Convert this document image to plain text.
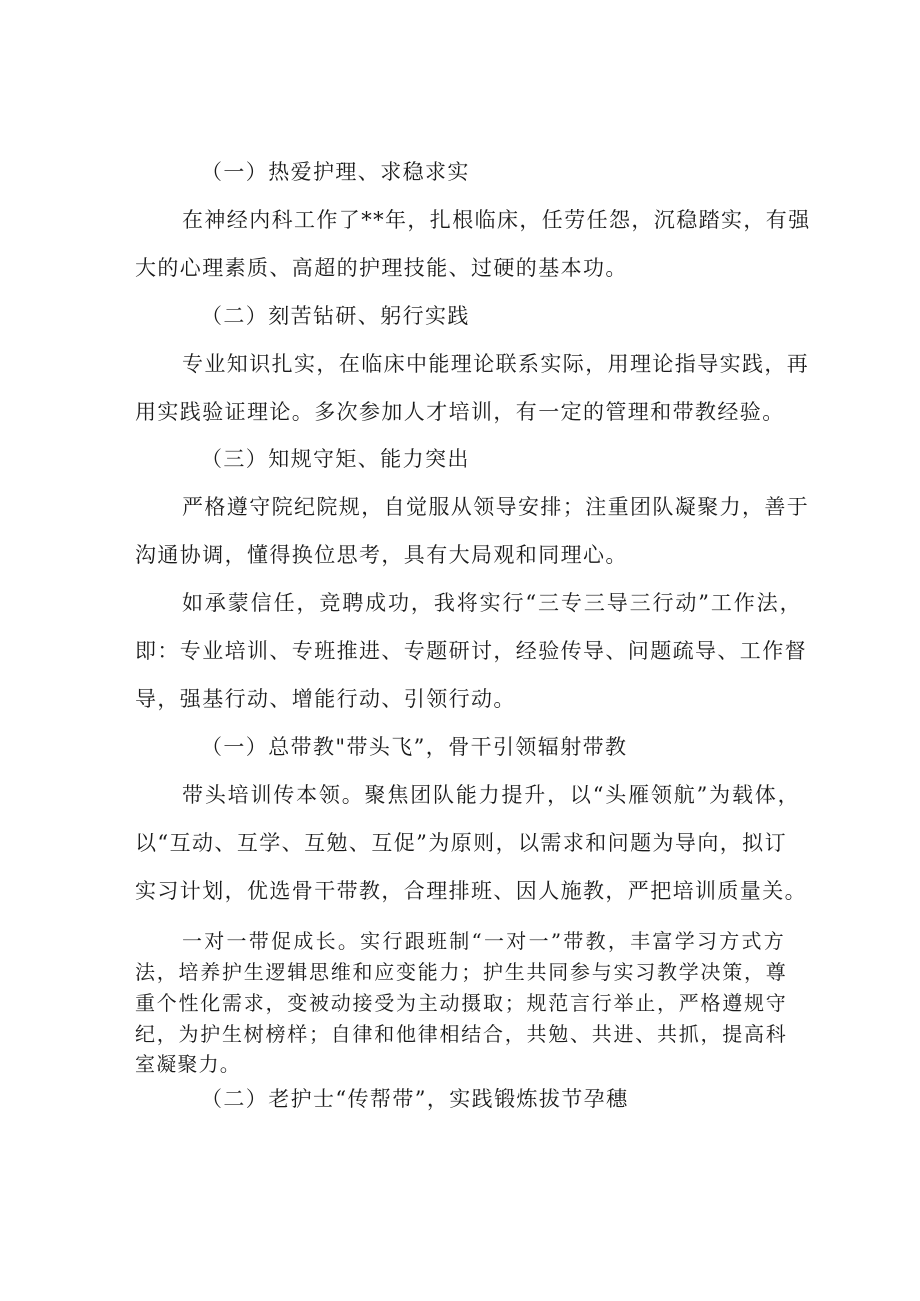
（一）热爱护理、求稳求实
在神经内科工作了**年，扎根临床，任劳任怨，沉稳踏实，有强
大的心理素质、高超的护理技能、过硬的基本功。
（二）刻苦钻研、躬行实践
专业知识扎实，在临床中能理论联系实际，用理论指导实践，再
用实践验证理论。多次参加人才培训，有一定的管理和带教经验。
（三）知规守矩、能力突出
严格遵守院纪院规，自觉服从领导安排；注重团队凝聚力，善于
沟通协调，懂得换位思考，具有大局观和同理心。
如承蒙信任，竞聘成功，我将实行“三专三导三行动”工作法，
即：专业培训、专班推进、专题研讨，经验传导、问题疏导、工作督
导，强基行动、增能行动、引领行动。
（一）总带教"带头飞”，骨干引领辐射带教
带头培训传本领。聚焦团队能力提升，以“头雁领航”为载体，
以“互动、互学、互勉、互促”为原则，以需求和问题为导向，拟订
实习计划，优选骨干带教，合理排班、因人施教，严把培训质量关。
一对一带促成长。实行跟班制“一对一”带教，丰富学习方式方
法，培养护生逻辑思维和应变能力；护生共同参与实习教学决策，尊
重个性化需求，变被动接受为主动摄取；规范言行举止，严格遵规守
纪，为护生树榜样；自律和他律相结合，共勉、共进、共抓，提高科
室凝聚力。
（二）老护士“传帮带”，实践锻炼拔节孕穗
